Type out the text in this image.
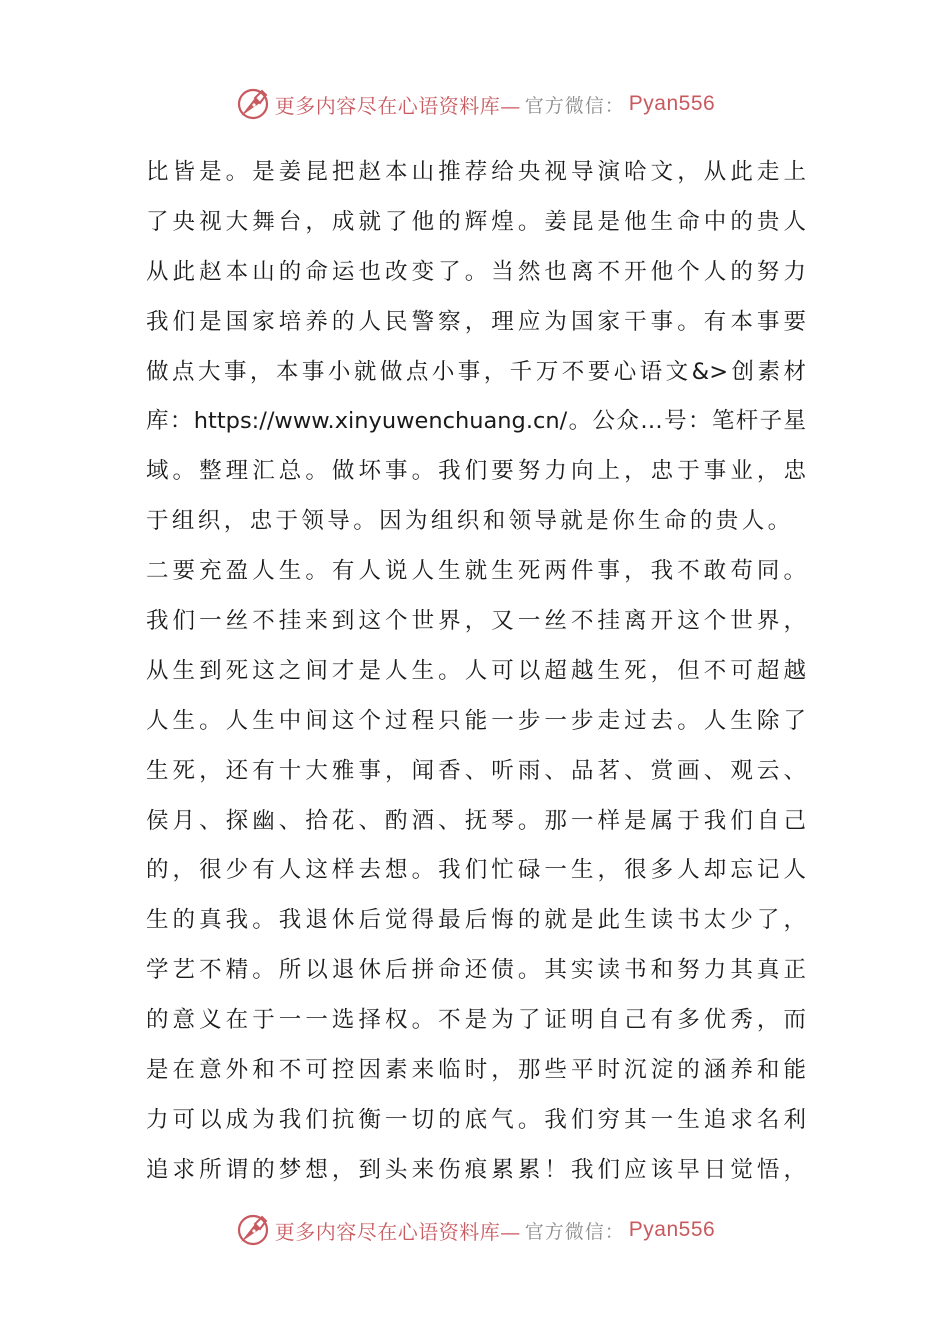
更多内容尽在心语资料库— 官方微信： Pyan556
比皆是。是姜昆把赵本山推荐给央视导演哈文，从此走上
了央视大舞台，成就了他的辉煌。姜昆是他生命中的贵人
从此赵本山的命运也改变了。当然也离不开他个人的努力
我们是国家培养的人民警察，理应为国家干事。有本事要
做点大事，本事小就做点小事，千万不要心语文&>创素材
库：https://www.xinyuwenchuang.cn/。公众…号：笔杆子星
域。整理汇总。做坏事。我们要努力向上，忠于事业，忠
于组织，忠于领导。因为组织和领导就是你生命的贵人。
二要充盈人生。有人说人生就生死两件事，我不敢苟同。
我们一丝不挂来到这个世界，又一丝不挂离开这个世界，
从生到死这之间才是人生。人可以超越生死，但不可超越
人生。人生中间这个过程只能一步一步走过去。人生除了
生死，还有十大雅事，闻香、听雨、品茗、赏画、观云、
侯月、探幽、拾花、酌酒、抚琴。那一样是属于我们自己
的，很少有人这样去想。我们忙碌一生，很多人却忘记人
生的真我。我退休后觉得最后悔的就是此生读书太少了，
学艺不精。所以退休后拼命还债。其实读书和努力其真正
的意义在于一一选择权。不是为了证明自己有多优秀，而
是在意外和不可控因素来临时，那些平时沉淀的涵养和能
力可以成为我们抗衡一切的底气。我们穷其一生追求名利
追求所谓的梦想，到头来伤痕累累！我们应该早日觉悟，
更多内容尽在心语资料库— 官方微信： Pyan556
